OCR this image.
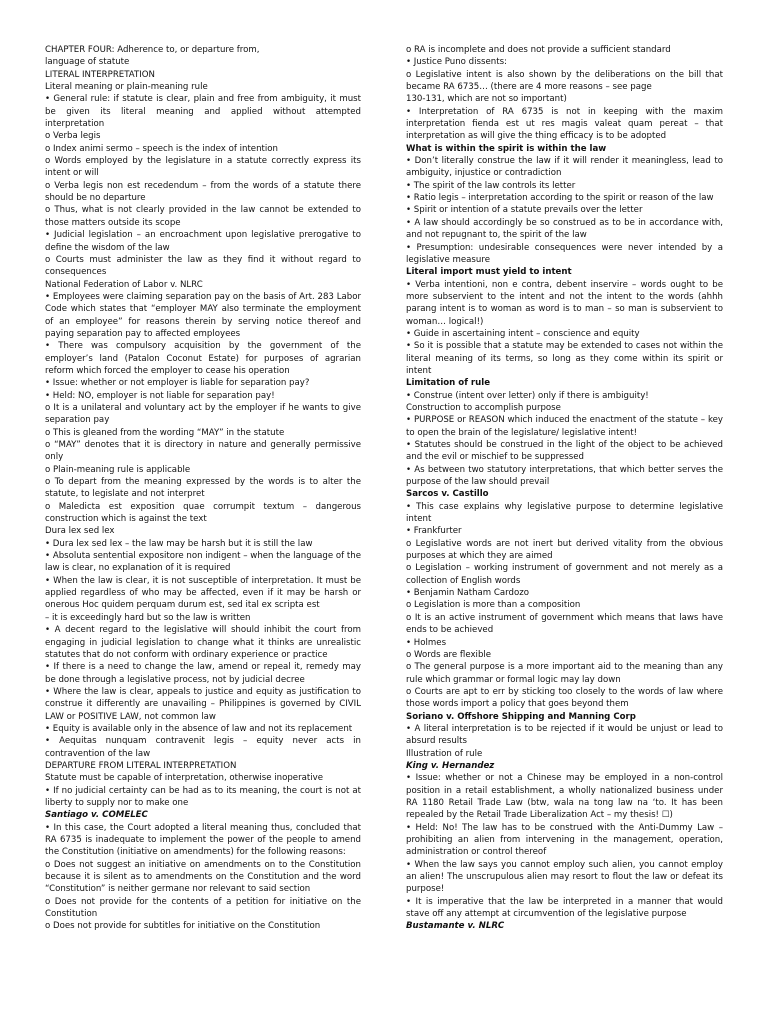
CHAPTER FOUR: Adherence to, or departure from,

language of statute

LITERAL INTERPRETATION

Literal meaning or plain-meaning rule

• General rule: if statute is clear, plain and free from ambiguity, it must be given its literal meaning and applied without attempted interpretation

o Verba legis

o Index animi sermo – speech is the index of intention

o Words employed by the legislature in a statute correctly express its intent or will

o Verba legis non est recedendum – from the words of a statute there should be no departure

o Thus, what is not clearly provided in the law cannot be extended to those matters outside its scope

• Judicial legislation – an encroachment upon legislative prerogative to define the wisdom of the law

o Courts must administer the law as they find it without regard to consequences

National Federation of Labor v. NLRC

• Employees were claiming separation pay on the basis of Art. 283 Labor Code which states that “employer MAY also terminate the employment of an employee” for reasons therein by serving notice thereof and paying separation pay to affected employees

• There was compulsory acquisition by the government of the employer’s land (Patalon Coconut Estate) for purposes of agrarian reform which forced the employer to cease his operation

• Issue: whether or not employer is liable for separation pay?

• Held: NO, employer is not liable for separation pay!

o It is a unilateral and voluntary act by the employer if he wants to give separation pay

o This is gleaned from the wording “MAY” in the statute

o “MAY” denotes that it is directory in nature and generally permissive only

o Plain-meaning rule is applicable

o To depart from the meaning expressed by the words is to alter the statute, to legislate and not interpret

o Maledicta est exposition quae corrumpit textum – dangerous construction which is against the text

Dura lex sed lex

• Dura lex sed lex – the law may be harsh but it is still the law

• Absoluta sentential expositore non indigent – when the language of the law is clear, no explanation of it is required

• When the law is clear, it is not susceptible of interpretation. It must be applied regardless of who may be affected, even if it may be harsh or onerous Hoc quidem perquam durum est, sed ital ex scripta est

– it is exceedingly hard but so the law is written

• A decent regard to the legislative will should inhibit the court from engaging in judicial legislation to change what it thinks are unrealistic statutes that do not conform with ordinary experience or practice

• If there is a need to change the law, amend or repeal it, remedy may be done through a legislative process, not by judicial decree

• Where the law is clear, appeals to justice and equity as justification to construe it differently are unavailing – Philippines is governed by CIVIL LAW or POSITIVE LAW, not common law

• Equity is available only in the absence of law and not its replacement

• Aequitas nunquam contravenit legis – equity never acts in contravention of the law

DEPARTURE FROM LITERAL INTERPRETATION

Statute must be capable of interpretation, otherwise inoperative

• If no judicial certainty can be had as to its meaning, the court is not at liberty to supply nor to make one

Santiago v. COMELEC

• In this case, the Court adopted a literal meaning thus, concluded that RA 6735 is inadequate to implement the power of the people to amend the Constitution (initiative on amendments) for the following reasons:

o Does not suggest an initiative on amendments on to the Constitution because it is silent as to amendments on the Constitution and the word “Constitution” is neither germane nor relevant to said section

o Does not provide for the contents of a petition for initiative on the Constitution

o Does not provide for subtitles for initiative on the Constitution

o RA is incomplete and does not provide a sufficient standard

• Justice Puno dissents:

o Legislative intent is also shown by the deliberations on the bill that became RA 6735… (there are 4 more reasons – see page

130-131, which are not so important)

• Interpretation of RA 6735 is not in keeping with the maxim interpretation fienda est ut res magis valeat quam pereat – that interpretation as will give the thing efficacy is to be adopted

What is within the spirit is within the law

• Don’t literally construe the law if it will render it meaningless, lead to ambiguity, injustice or contradiction

• The spirit of the law controls its letter

• Ratio legis – interpretation according to the spirit or reason of the law

• Spirit or intention of a statute prevails over the letter

• A law should accordingly be so construed as to be in accordance with, and not repugnant to, the spirit of the law

• Presumption: undesirable consequences were never intended by a legislative measure

Literal import must yield to intent

• Verba intentioni, non e contra, debent inservire – words ought to be more subservient to the intent and not the intent to the words (ahhh parang intent is to woman as word is to man – so man is subservient to woman… logical!)

• Guide in ascertaining intent – conscience and equity

• So it is possible that a statute may be extended to cases not within the literal meaning of its terms, so long as they come within its spirit or intent

Limitation of rule

• Construe (intent over letter) only if there is ambiguity!

Construction to accomplish purpose

• PURPOSE or REASON which induced the enactment of the statute – key to open the brain of the legislature/ legislative intent!

• Statutes should be construed in the light of the object to be achieved and the evil or mischief to be suppressed

• As between two statutory interpretations, that which better serves the purpose of the law should prevail

Sarcos v. Castillo

• This case explains why legislative purpose to determine legislative intent

• Frankfurter

o Legislative words are not inert but derived vitality from the obvious purposes at which they are aimed

o Legislation – working instrument of government and not merely as a collection of English words

• Benjamin Natham Cardozo

o Legislation is more than a composition

o It is an active instrument of government which means that laws have ends to be achieved

• Holmes

o Words are flexible

o The general purpose is a more important aid to the meaning than any rule which grammar or formal logic may lay down

o Courts are apt to err by sticking too closely to the words of law where those words import a policy that goes beyond them

Soriano v. Offshore Shipping and Manning Corp

• A literal interpretation is to be rejected if it would be unjust or lead to absurd results

Illustration of rule

King v. Hernandez

• Issue: whether or not a Chinese may be employed in a non-control position in a retail establishment, a wholly nationalized business under RA 1180 Retail Trade Law (btw, wala na tong law na ‘to. It has been repealed by the Retail Trade Liberalization Act – my thesis! ☐)

• Held: No! The law has to be construed with the Anti-Dummy Law – prohibiting an alien from intervening in the management, operation, administration or control thereof

• When the law says you cannot employ such alien, you cannot employ an alien! The unscrupulous alien may resort to flout the law or defeat its purpose!

• It is imperative that the law be interpreted in a manner that would stave off any attempt at circumvention of the legislative purpose

Bustamante v. NLRC
